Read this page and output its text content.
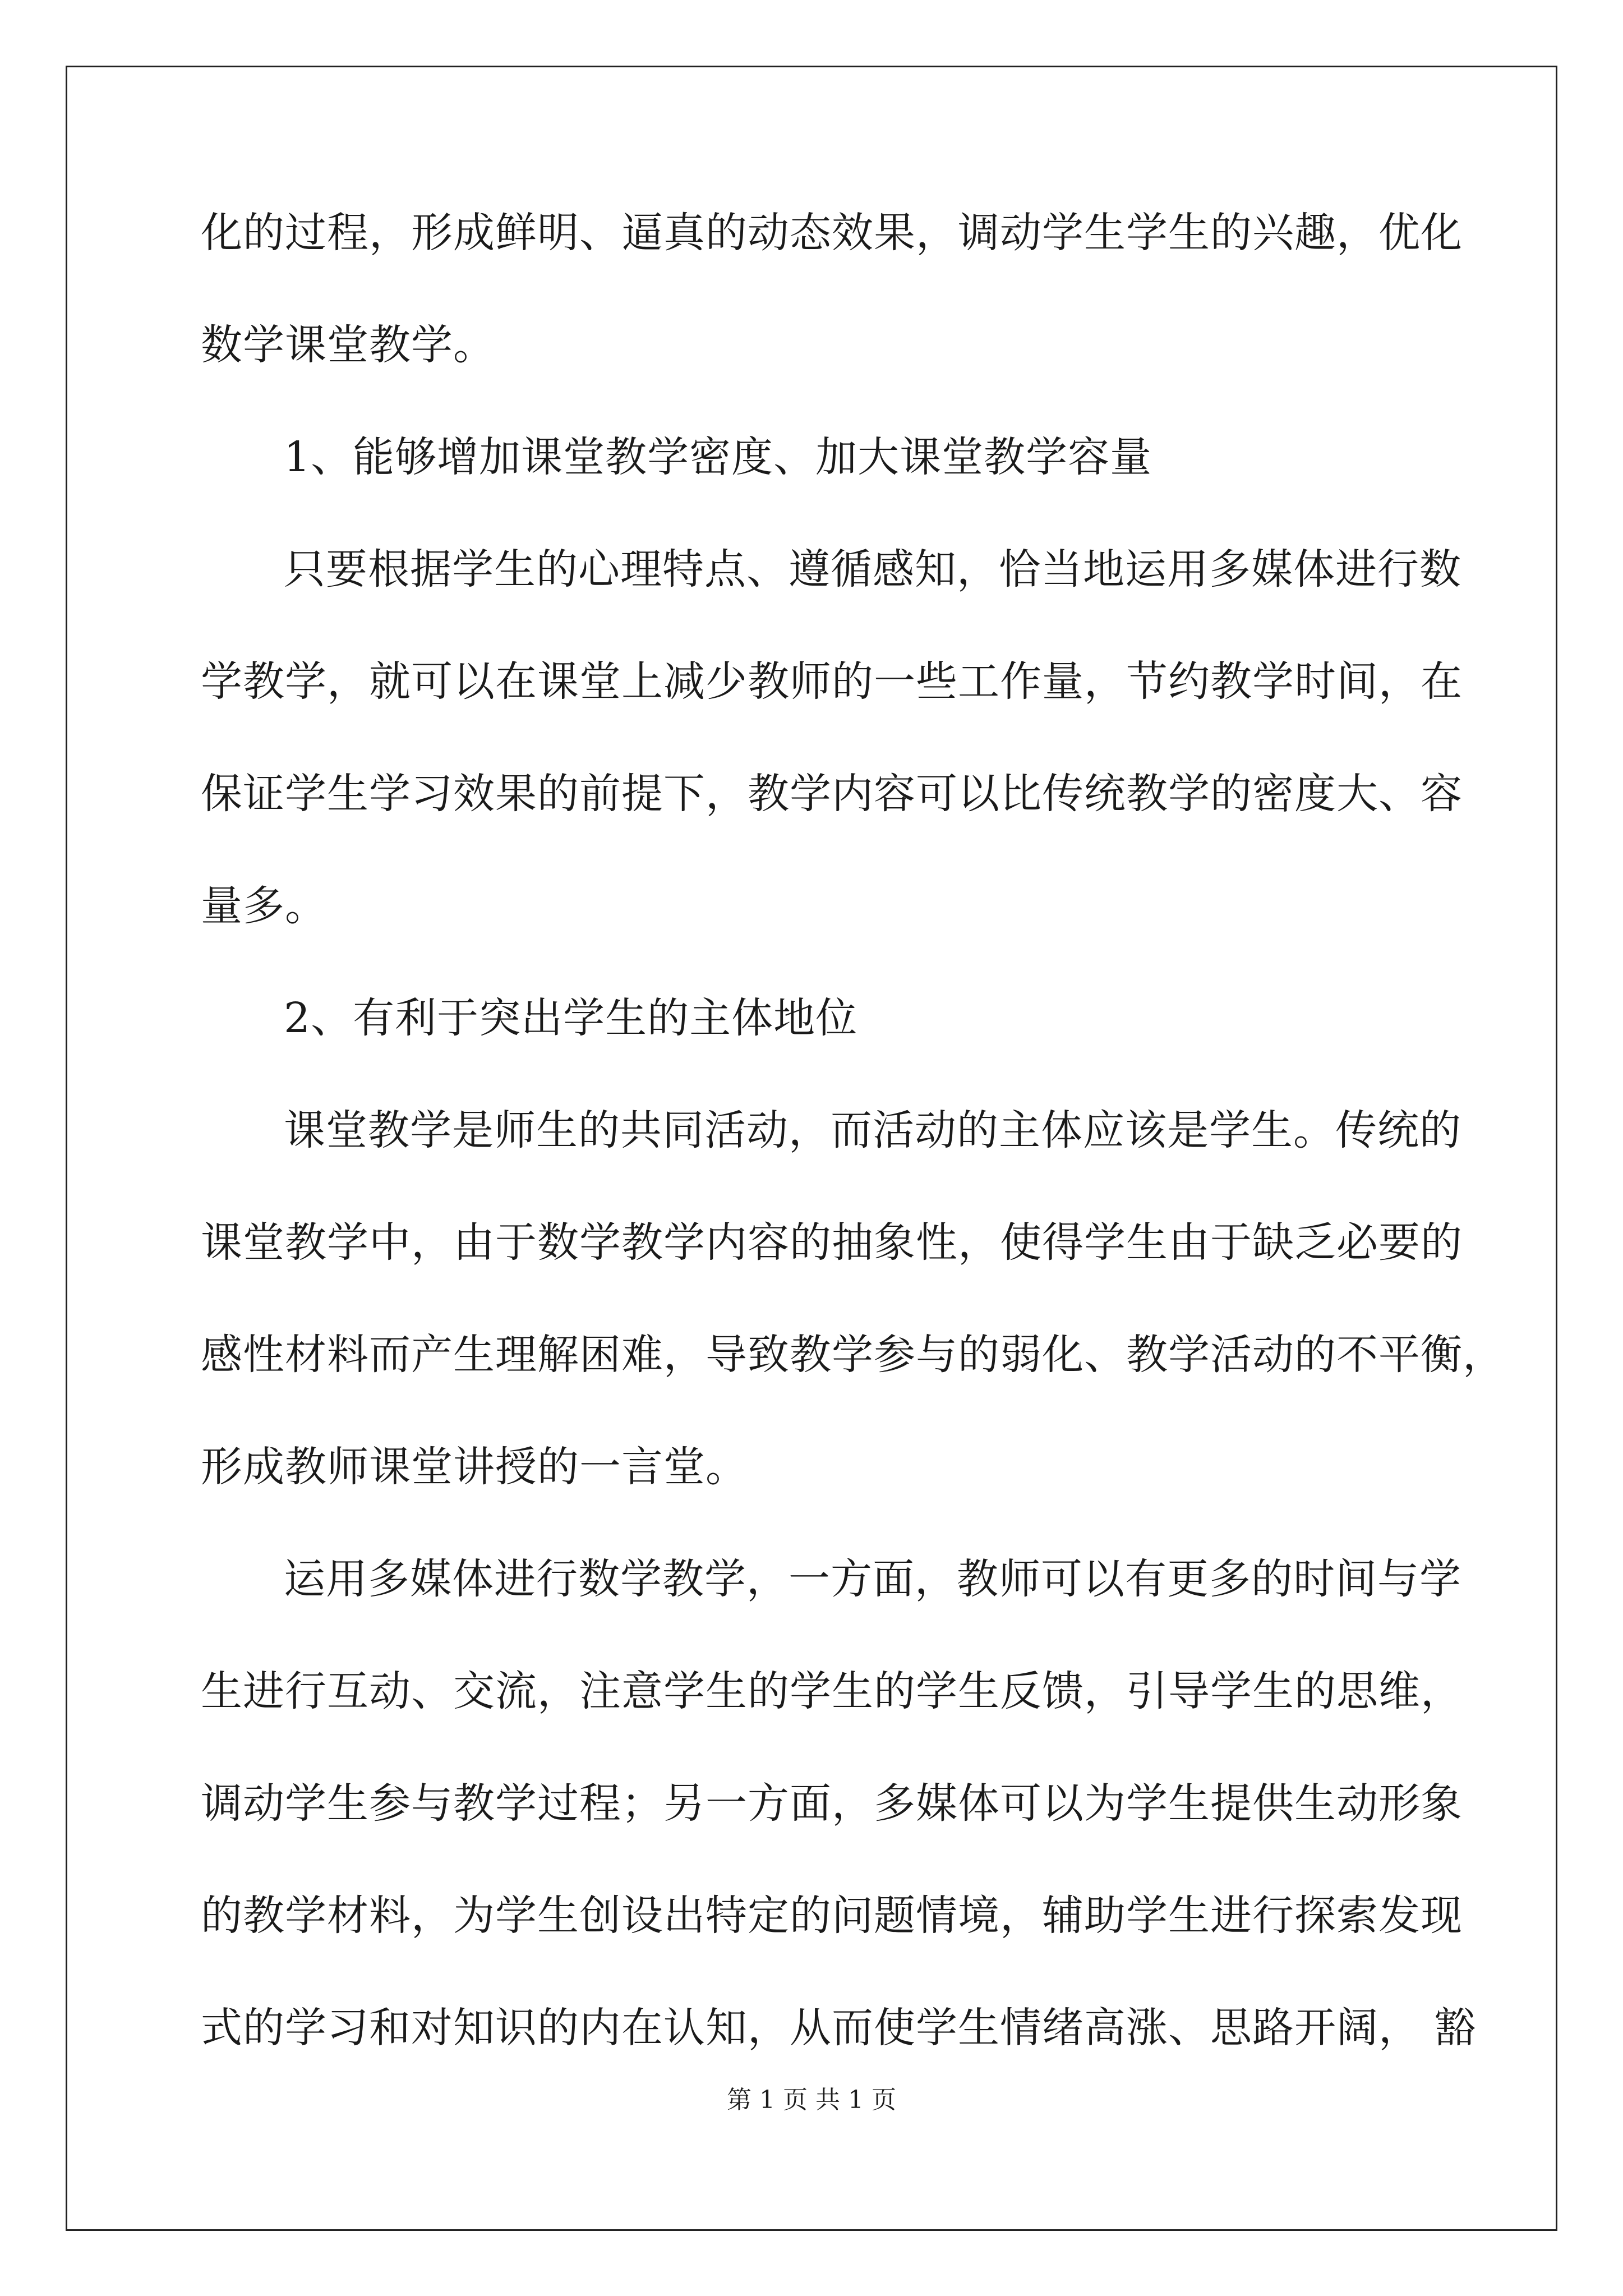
化的过程，形成鲜明、逼真的动态效果，调动学生学生的兴趣，优化
数学课堂教学。
1、能够增加课堂教学密度、加大课堂教学容量
只要根据学生的心理特点、遵循感知，恰当地运用多媒体进行数
学教学，就可以在课堂上减少教师的一些工作量，节约教学时间，在
保证学生学习效果的前提下，教学内容可以比传统教学的密度大、容
量多。
2、有利于突出学生的主体地位
课堂教学是师生的共同活动，而活动的主体应该是学生。传统的
课堂教学中，由于数学教学内容的抽象性，使得学生由于缺乏必要的
感性材料而产生理解困难，导致教学参与的弱化、教学活动的不平衡，
形成教师课堂讲授的一言堂。
运用多媒体进行数学教学，一方面，教师可以有更多的时间与学
生进行互动、交流，注意学生的学生的学生反馈，引导学生的思维，
调动学生参与教学过程；另一方面，多媒体可以为学生提供生动形象
的教学材料，为学生创设出特定的问题情境，辅助学生进行探索发现
式的学习和对知识的内在认知，从而使学生情绪高涨、思路开阔， 豁
第 1 页 共 1 页
